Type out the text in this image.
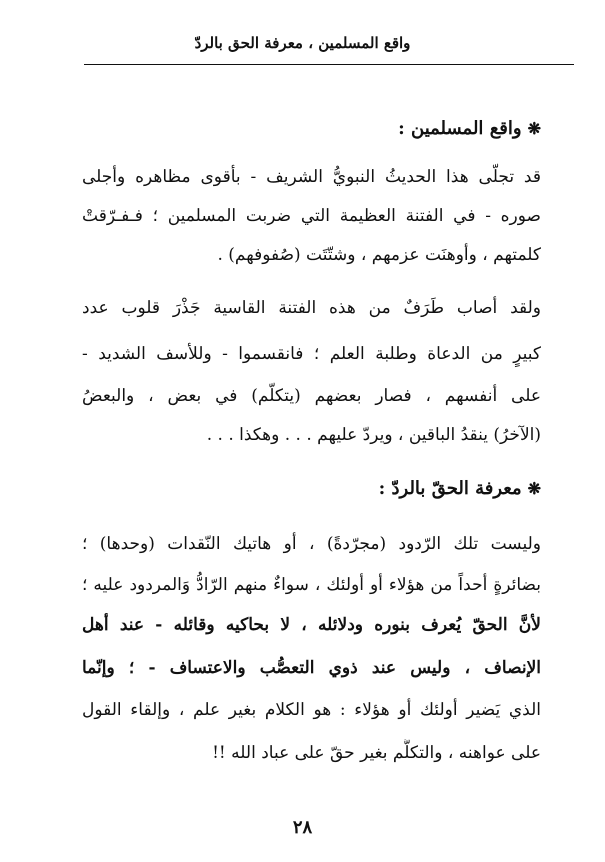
واقع المسلمين ، معرفة الحق بالردّ
❋واقع المسلمين :
قد تجلّى هذا الحديثُ النبويُّ الشريف - بأقوى مظاهره وأجلى
صوره - في الفتنة العظيمة التي ضربت المسلمين ؛ فـفـرّقتْ
كلمتهم ، وأوهنَت عزمهم ، وشتّتَت (صُفوفهم) .
ولقد أصاب طَرَفٌ من هذه الفتنة القاسية جَذْرَ قلوب عدد
كبيرٍ من الدعاة وطلبة العلم ؛ فانقسموا - وللأسف الشديد -
على أنفسهم ، فصار بعضهم (يتكلّم) في بعض ، والبعضُ
(الآخرُ) ينقدُ الباقين ، ويردّ عليهم . . . وهكذا . . .
❋معرفة الحقّ بالردّ :
وليست تلك الرّدود (مجرّدةً) ، أو هاتيك النّقدات (وحدها) ؛
بضائرةٍ أحداً من هؤلاء أو أولئك ، سواءٌ منهم الرّادُّ وَالمردود عليه ؛
لأنَّ الحقّ يُعرف بنوره ودلائله ، لا بحاكيه وقائله - عند أهل
الإنصاف ، وليس عند ذوي التعصُّب والاعتساف - ؛ وإنّما
الذي يَضير أولئك أو هؤلاء : هو الكلام بغير علم ، وإلقاء القول
على عواهنه ، والتكلُّم بغير حقّ على عباد الله !!
٢٨
